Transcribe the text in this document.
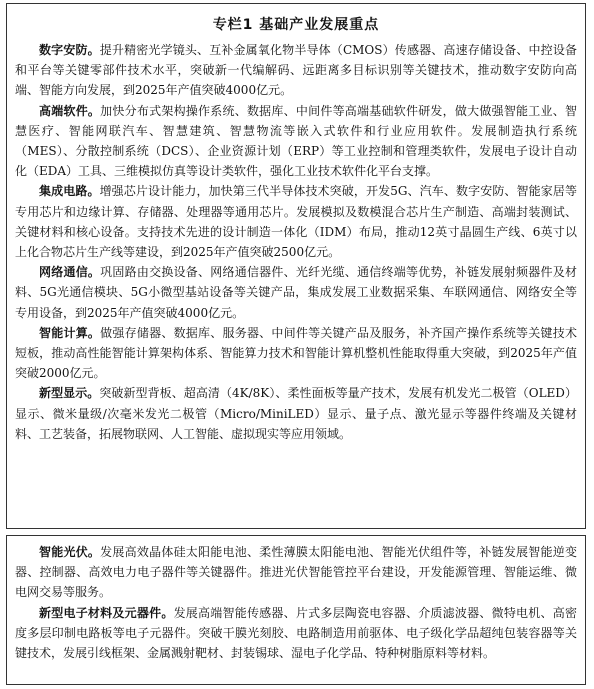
专栏1 基础产业发展重点

数字安防。提升精密光学镜头、互补金属氧化物半导体（CMOS）传感器、高速存储设备、中控设备和平台等关键零部件技术水平，突破新一代编解码、远距离多目标识别等关键技术，推动数字安防向高端、智能方向发展，到2025年产值突破4000亿元。

高端软件。加快分布式架构操作系统、数据库、中间件等高端基础软件研发，做大做强智能工业、智慧医疗、智能网联汽车、智慧建筑、智慧物流等嵌入式软件和行业应用软件。发展制造执行系统（MES）、分散控制系统（DCS）、企业资源计划（ERP）等工业控制和管理类软件，发展电子设计自动化（EDA）工具、三维模拟仿真等设计类软件，强化工业技术软件化平台支撑。

集成电路。增强芯片设计能力，加快第三代半导体技术突破，开发5G、汽车、数字安防、智能家居等专用芯片和边缘计算、存储器、处理器等通用芯片。发展模拟及数模混合芯片生产制造、高端封装测试、关键材料和核心设备。支持技术先进的设计制造一体化（IDM）布局，推动12英寸晶圆生产线、6英寸以上化合物芯片生产线等建设，到2025年产值突破2500亿元。

网络通信。巩固路由交换设备、网络通信器件、光纤光缆、通信终端等优势，补链发展射频器件及材料、5G光通信模块、5G小微型基站设备等关键产品，集成发展工业数据采集、车联网通信、网络安全等专用设备，到2025年产值突破4000亿元。

智能计算。做强存储器、数据库、服务器、中间件等关键产品及服务，补齐国产操作系统等关键技术短板，推动高性能智能计算架构体系、智能算力技术和智能计算机整机性能取得重大突破，到2025年产值突破2000亿元。

新型显示。突破新型背板、超高清（4K/8K）、柔性面板等量产技术，发展有机发光二极管（OLED）显示、微米量级/次毫米发光二极管（Micro/MiniLED）显示、量子点、激光显示等器件终端及关键材料、工艺装备，拓展物联网、人工智能、虚拟现实等应用领域。

智能光伏。发展高效晶体硅太阳能电池、柔性薄膜太阳能电池、智能光伏组件等，补链发展智能逆变器、控制器、高效电力电子器件等关键器件。推进光伏智能管控平台建设，开发能源管理、智能运维、微电网交易等服务。

新型电子材料及元器件。发展高端智能传感器、片式多层陶瓷电容器、介质滤波器、微特电机、高密度多层印制电路板等电子元器件。突破干膜光刻胶、电路制造用前驱体、电子级化学品超纯包装容器等关键技术，发展引线框架、金属溅射靶材、封装锡球、湿电子化学品、特种树脂原料等材料。
